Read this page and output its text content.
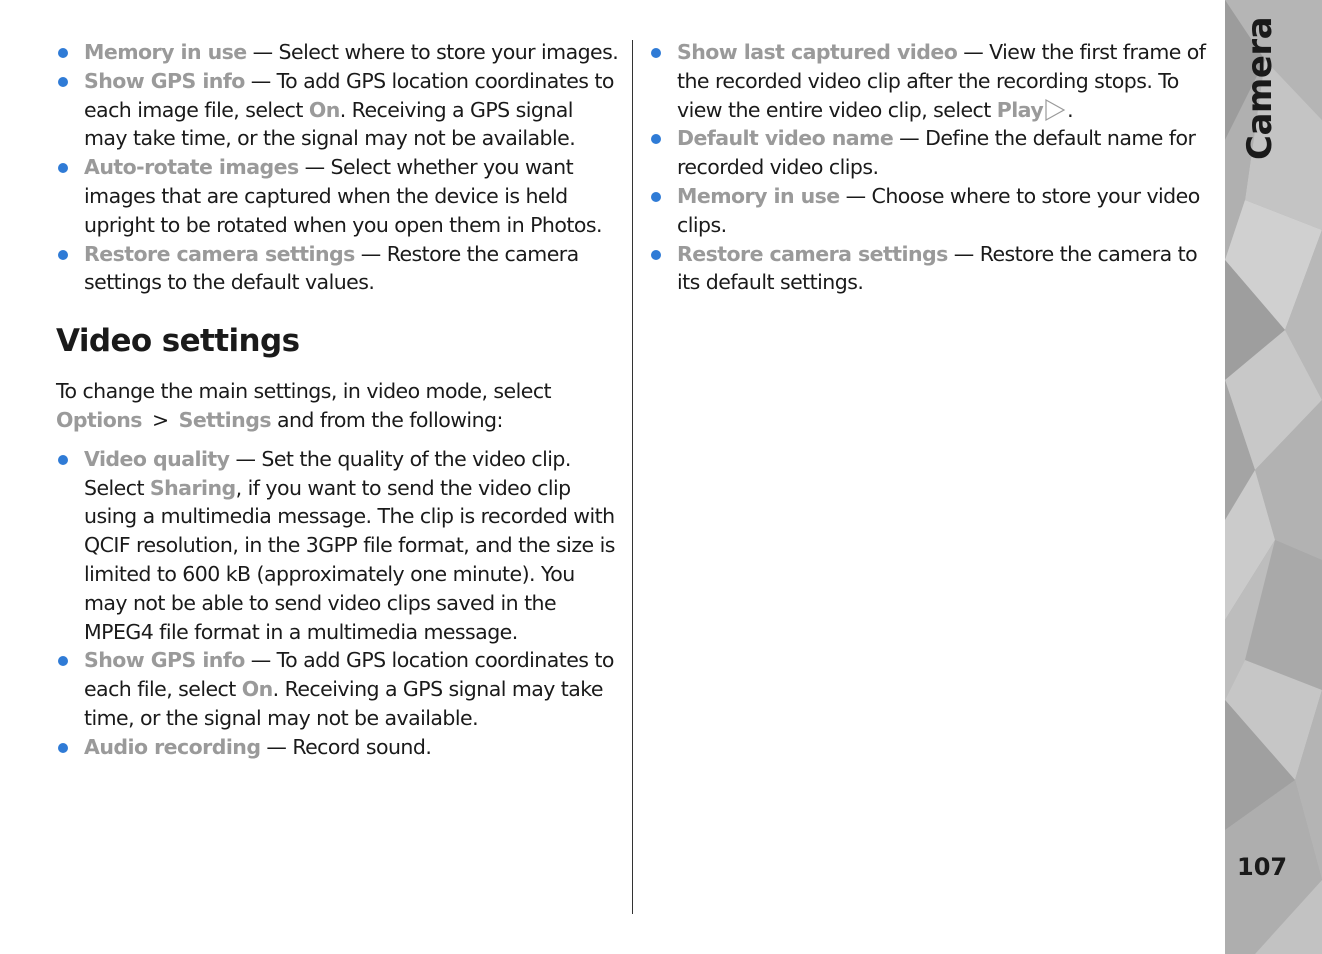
Memory in use — Select where to store your images.
Show GPS info — To add GPS location coordinates to each image file, select On. Receiving a GPS signal may take time, or the signal may not be available.
Auto-rotate images — Select whether you want images that are captured when the device is held upright to be rotated when you open them in Photos.
Restore camera settings — Restore the camera settings to the default values.
Video settings

To change the main settings, in video mode, select Options > Settings and from the following:

Video quality — Set the quality of the video clip. Select Sharing, if you want to send the video clip using a multimedia message. The clip is recorded with QCIF resolution, in the 3GPP file format, and the size is limited to 600 kB (approximately one minute). You may not be able to send video clips saved in the MPEG4 file format in a multimedia message.
Show GPS info — To add GPS location coordinates to each file, select On. Receiving a GPS signal may take time, or the signal may not be available.
Audio recording — Record sound.
Show last captured video — View the first frame of the recorded video clip after the recording stops. To view the entire video clip, select Play .
Default video name — Define the default name for recorded video clips.
Memory in use — Choose where to store your video clips.
Restore camera settings — Restore the camera to its default settings.
Camera
107
